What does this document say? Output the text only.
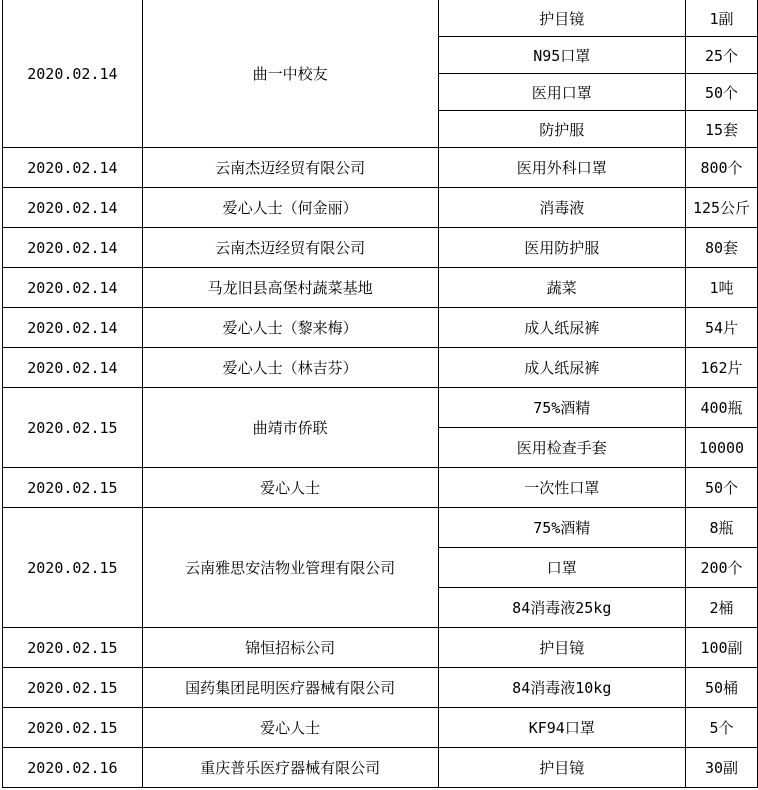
2020.02.14	曲一中校友	护目镜	1副
		N95口罩	25个
		医用口罩	50个
		防护服	15套
2020.02.14	云南杰迈经贸有限公司	医用外科口罩	800个
2020.02.14	爱心人士（何金丽）	消毒液	125公斤
2020.02.14	云南杰迈经贸有限公司	医用防护服	80套
2020.02.14	马龙旧县高堡村蔬菜基地	蔬菜	1吨
2020.02.14	爱心人士（黎来梅）	成人纸尿裤	54片
2020.02.14	爱心人士（林吉芬）	成人纸尿裤	162片
2020.02.15	曲靖市侨联	75%酒精	400瓶
		医用检查手套	10000
2020.02.15	爱心人士	一次性口罩	50个
2020.02.15	云南雅思安洁物业管理有限公司	75%酒精	8瓶
		口罩	200个
		84消毒液25kg	2桶
2020.02.15	锦恒招标公司	护目镜	100副
2020.02.15	国药集团昆明医疗器械有限公司	84消毒液10kg	50桶
2020.02.15	爱心人士	KF94口罩	5个
2020.02.16	重庆普乐医疗器械有限公司	护目镜	30副
